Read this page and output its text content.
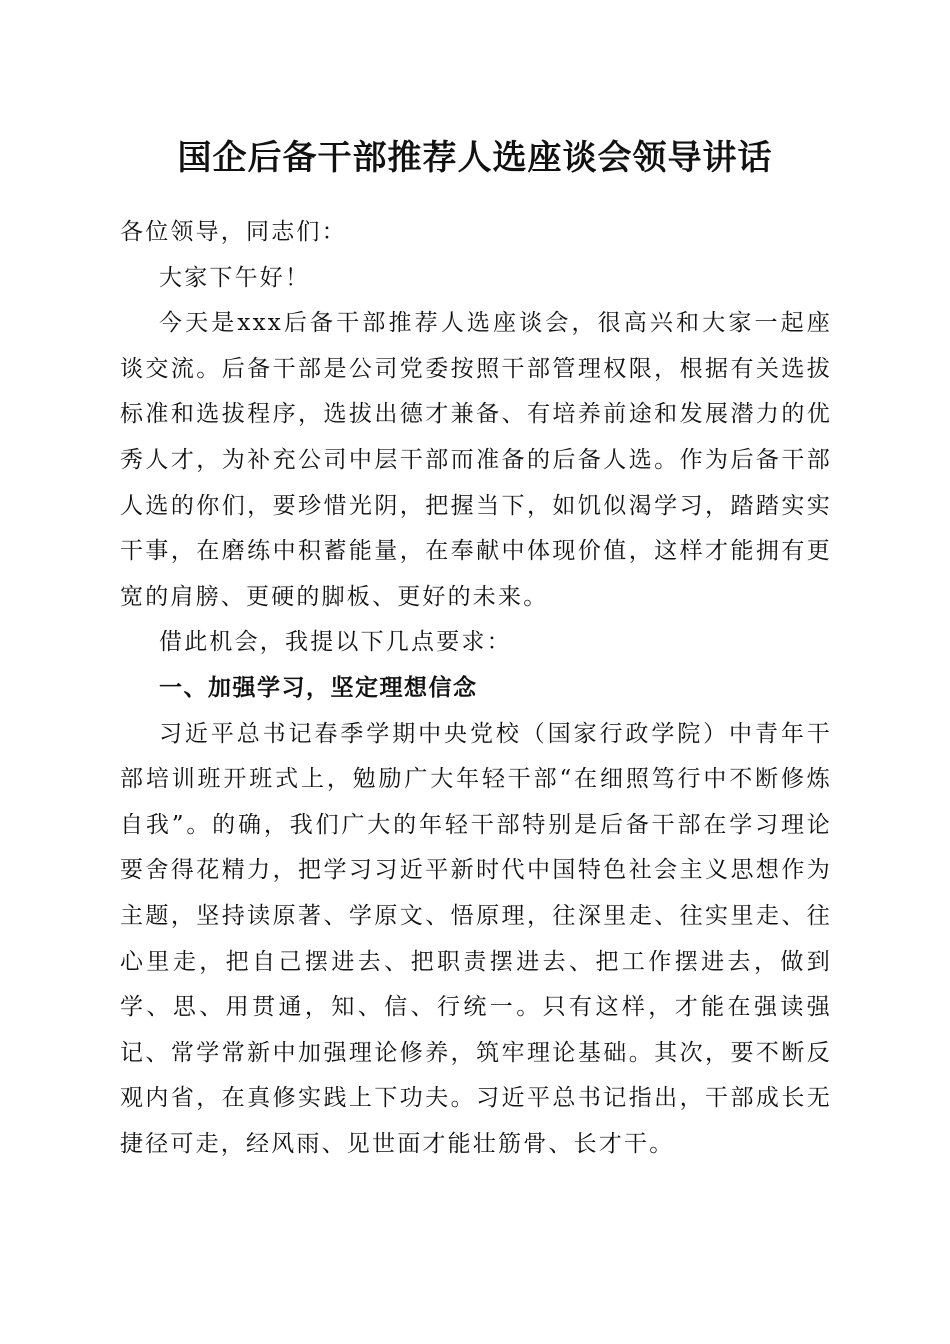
国企后备干部推荐人选座谈会领导讲话

各位领导，同志们：

大家下午好！

今天是xxx后备干部推荐人选座谈会，很高兴和大家一起座谈交流。后备干部是公司党委按照干部管理权限，根据有关选拔标准和选拔程序，选拔出德才兼备、有培养前途和发展潜力的优秀人才，为补充公司中层干部而准备的后备人选。作为后备干部人选的你们，要珍惜光阴，把握当下，如饥似渴学习，踏踏实实干事，在磨练中积蓄能量，在奉献中体现价值，这样才能拥有更宽的肩膀、更硬的脚板、更好的未来。

借此机会，我提以下几点要求：

一、加强学习，坚定理想信念

习近平总书记春季学期中央党校（国家行政学院）中青年干部培训班开班式上，勉励广大年轻干部“在细照笃行中不断修炼自我”。的确，我们广大的年轻干部特别是后备干部在学习理论要舍得花精力，把学习习近平新时代中国特色社会主义思想作为主题，坚持读原著、学原文、悟原理，往深里走、往实里走、往心里走，把自己摆进去、把职责摆进去、把工作摆进去，做到学、思、用贯通，知、信、行统一。只有这样，才能在强读强记、常学常新中加强理论修养，筑牢理论基础。其次，要不断反观内省，在真修实践上下功夫。习近平总书记指出，干部成长无捷径可走，经风雨、见世面才能壮筋骨、长才干。
